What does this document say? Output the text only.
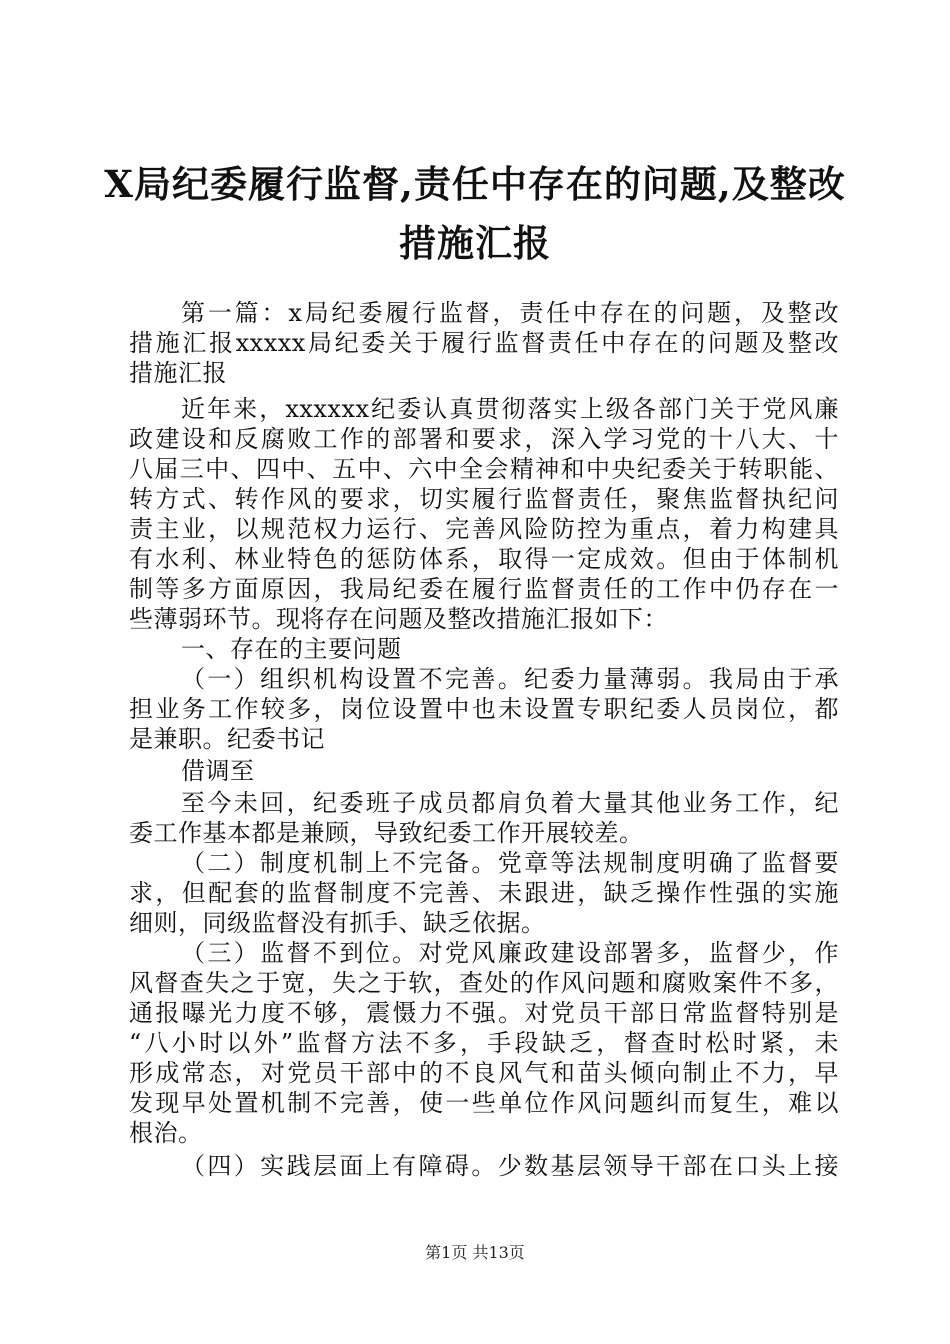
X局纪委履行监督,责任中存在的问题,及整改
措施汇报
第一篇：x局纪委履行监督，责任中存在的问题，及整改
措施汇报xxxxx局纪委关于履行监督责任中存在的问题及整改
措施汇报
近年来，xxxxxx纪委认真贯彻落实上级各部门关于党风廉
政建设和反腐败工作的部署和要求，深入学习党的十八大、十
八届三中、四中、五中、六中全会精神和中央纪委关于转职能、
转方式、转作风的要求，切实履行监督责任，聚焦监督执纪问
责主业，以规范权力运行、完善风险防控为重点，着力构建具
有水利、林业特色的惩防体系，取得一定成效。但由于体制机
制等多方面原因，我局纪委在履行监督责任的工作中仍存在一
些薄弱环节。现将存在问题及整改措施汇报如下：
一、存在的主要问题
（一）组织机构设置不完善。纪委力量薄弱。我局由于承
担业务工作较多，岗位设置中也未设置专职纪委人员岗位，都
是兼职。纪委书记
借调至
至今未回，纪委班子成员都肩负着大量其他业务工作，纪
委工作基本都是兼顾，导致纪委工作开展较差。
（二）制度机制上不完备。党章等法规制度明确了监督要
求，但配套的监督制度不完善、未跟进，缺乏操作性强的实施
细则，同级监督没有抓手、缺乏依据。
（三）监督不到位。对党风廉政建设部署多，监督少，作
风督查失之于宽，失之于软，查处的作风问题和腐败案件不多，
通报曝光力度不够，震慑力不强。对党员干部日常监督特别是
“八小时以外”监督方法不多，手段缺乏，督查时松时紧，未
形成常态，对党员干部中的不良风气和苗头倾向制止不力，早
发现早处置机制不完善，使一些单位作风问题纠而复生，难以
根治。
（四）实践层面上有障碍。少数基层领导干部在口头上接
第1页 共13页
